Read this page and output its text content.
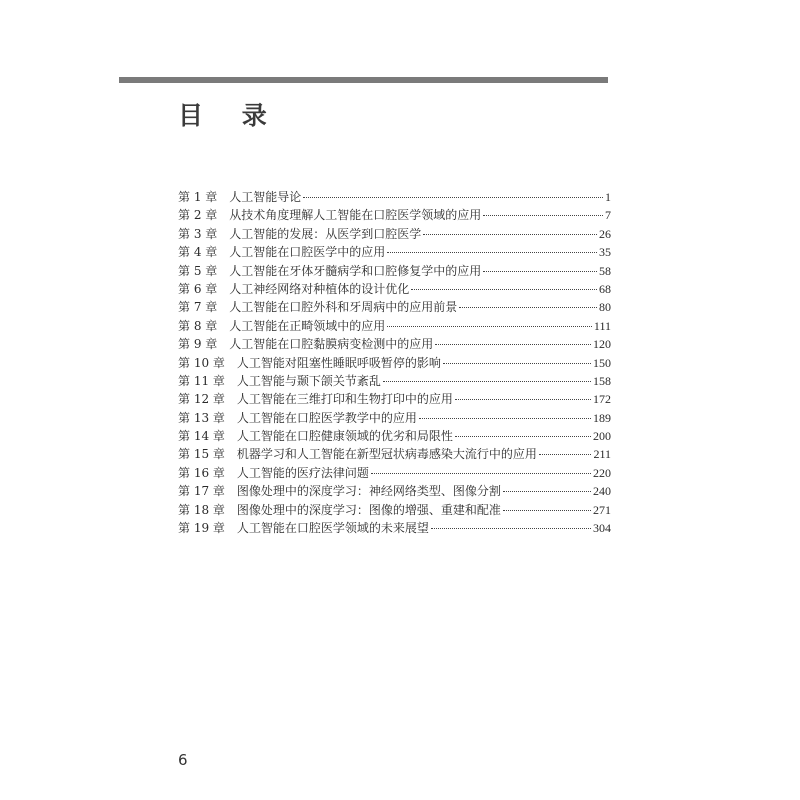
目 录
第 1 章 人工智能导论	1
第 2 章 从技术角度理解人工智能在口腔医学领域的应用	7
第 3 章 人工智能的发展：从医学到口腔医学	26
第 4 章 人工智能在口腔医学中的应用	35
第 5 章 人工智能在牙体牙髓病学和口腔修复学中的应用	58
第 6 章 人工神经网络对种植体的设计优化	68
第 7 章 人工智能在口腔外科和牙周病中的应用前景	80
第 8 章 人工智能在正畸领域中的应用	111
第 9 章 人工智能在口腔黏膜病变检测中的应用	120
第 10 章 人工智能对阻塞性睡眠呼吸暂停的影响	150
第 11 章 人工智能与颞下颌关节紊乱	158
第 12 章 人工智能在三维打印和生物打印中的应用	172
第 13 章 人工智能在口腔医学教学中的应用	189
第 14 章 人工智能在口腔健康领域的优劣和局限性	200
第 15 章 机器学习和人工智能在新型冠状病毒感染大流行中的应用	211
第 16 章 人工智能的医疗法律问题	220
第 17 章 图像处理中的深度学习：神经网络类型、图像分割	240
第 18 章 图像处理中的深度学习：图像的增强、重建和配准	271
第 19 章 人工智能在口腔医学领域的未来展望	304
6
